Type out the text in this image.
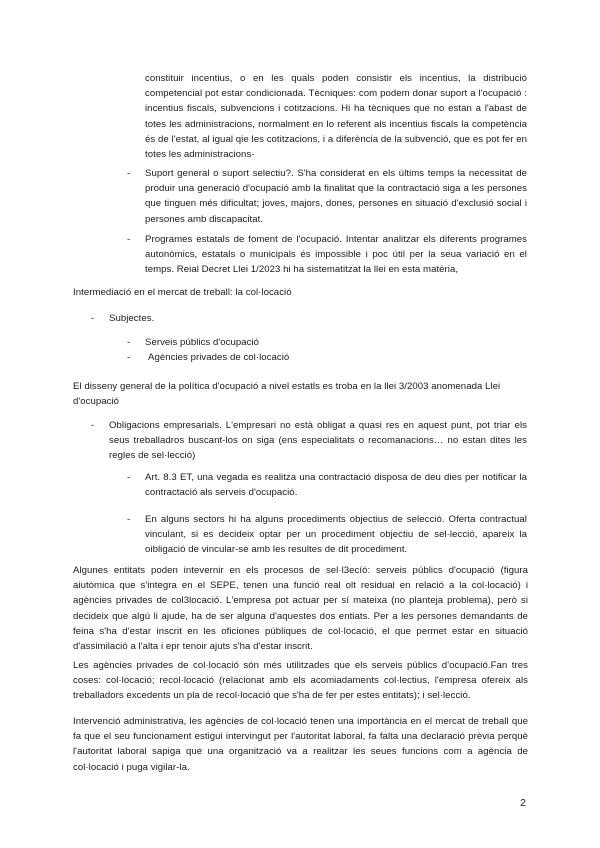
constituir incentius, o en les quals poden consistir els incentius, la distribució competencial pot estar condicionada. Tècniques: com podem donar suport a l'ocupació : incentius fiscals, subvencions i cotitzacions. Hi ha tècniques que no estan a l'abast de totes les administracions, normalment en lo referent als incentius fiscals la competència és de l'estat, al igual qie les cotitzacions, i a diferència de la subvenció, que es pot fer en totes les administracions-

- Suport general o suport selectiu?. S'ha considerat en els últims temps la necessitat de produir una generació d'ocupació amb la finalitat que la contractació siga a les persones que tinguen més dificultat; joves, majors, dones, persones en situació d'exclusió social i persones amb discapacitat.

- Programes estatals de foment de l'ocupació. Intentar analitzar els diferents programes autonòmics, estatals o municipals és impossible i poc útil per la seua variació en el temps. Reial Decret Llei 1/2023 hi ha sistematitzat la llei en esta matèria,

Intermediació en el mercat de treball: la col·locació

- Subjectes.

- Serveis públics d'ocupació

- Agències privades de col·locació

El disseny general de la política d'ocupació a nivel estatls es troba en la llei 3/2003 anomenada Llei d'ocupació

- Obligacions empresarials. L'empresari no està obligat a quasi res en aquest punt, pot triar els seus treballadros buscant-los on siga (ens especialitats o recomanacions… no estan dites les regles de sel·lecció)

- Art. 8.3 ET, una vegada es realitza una contractació disposa de deu dies per notificar la contractació als serveis d'ocupació.

- En alguns sectors hi ha alguns procediments objectius de selecció. Oferta contractual vinculant, si es decideix optar per un procediment objectiu de sel·lecció, apareix la oibligació de vincular-se amb les resultes de dit procediment.

Algunes entitats poden intevernir en els procesos de sel·l3ecíó: serveis públics d'ocupació (figura aiutòmica que s'integra en el SEPE, tenen una funció real olt residual en relació a la col·locació) i agències privades de col3locació. L'empresa pot actuar per sí mateixa (no planteja problema), però si decideix que algú li ajude, ha de ser alguna d'aquestes dos entiats. Per a les persones demandants de feina s'ha d'estar inscrit en les oficiones públiques de col·locació, el que permet estar en situació d'assimilació a l'alta i epr tenoir ajuts s'ha d'estar inscrit.

Les agències privades de col·locació són més utilitzades que els serveis públics d'ocupació.Fan tres coses: col·locació; recol·locació (relacionat amb els acomiadaments col·lectius, l'empresa ofereix als treballadors excedents un pla de recol·locació que s'ha de fer per estes entitats); i sel·lecció.

Intervenció administrativa, les agències de col·locació tenen una importància en el mercat de treball que fa que el seu funcionament estigui intervingut per l'autoritat laboral, fa falta una declaració prèvia perquè l'autoritat laboral sapiga que una organització va a realitzar les seues funcions com a agència de col·locació i puga vigilar-la.

2
